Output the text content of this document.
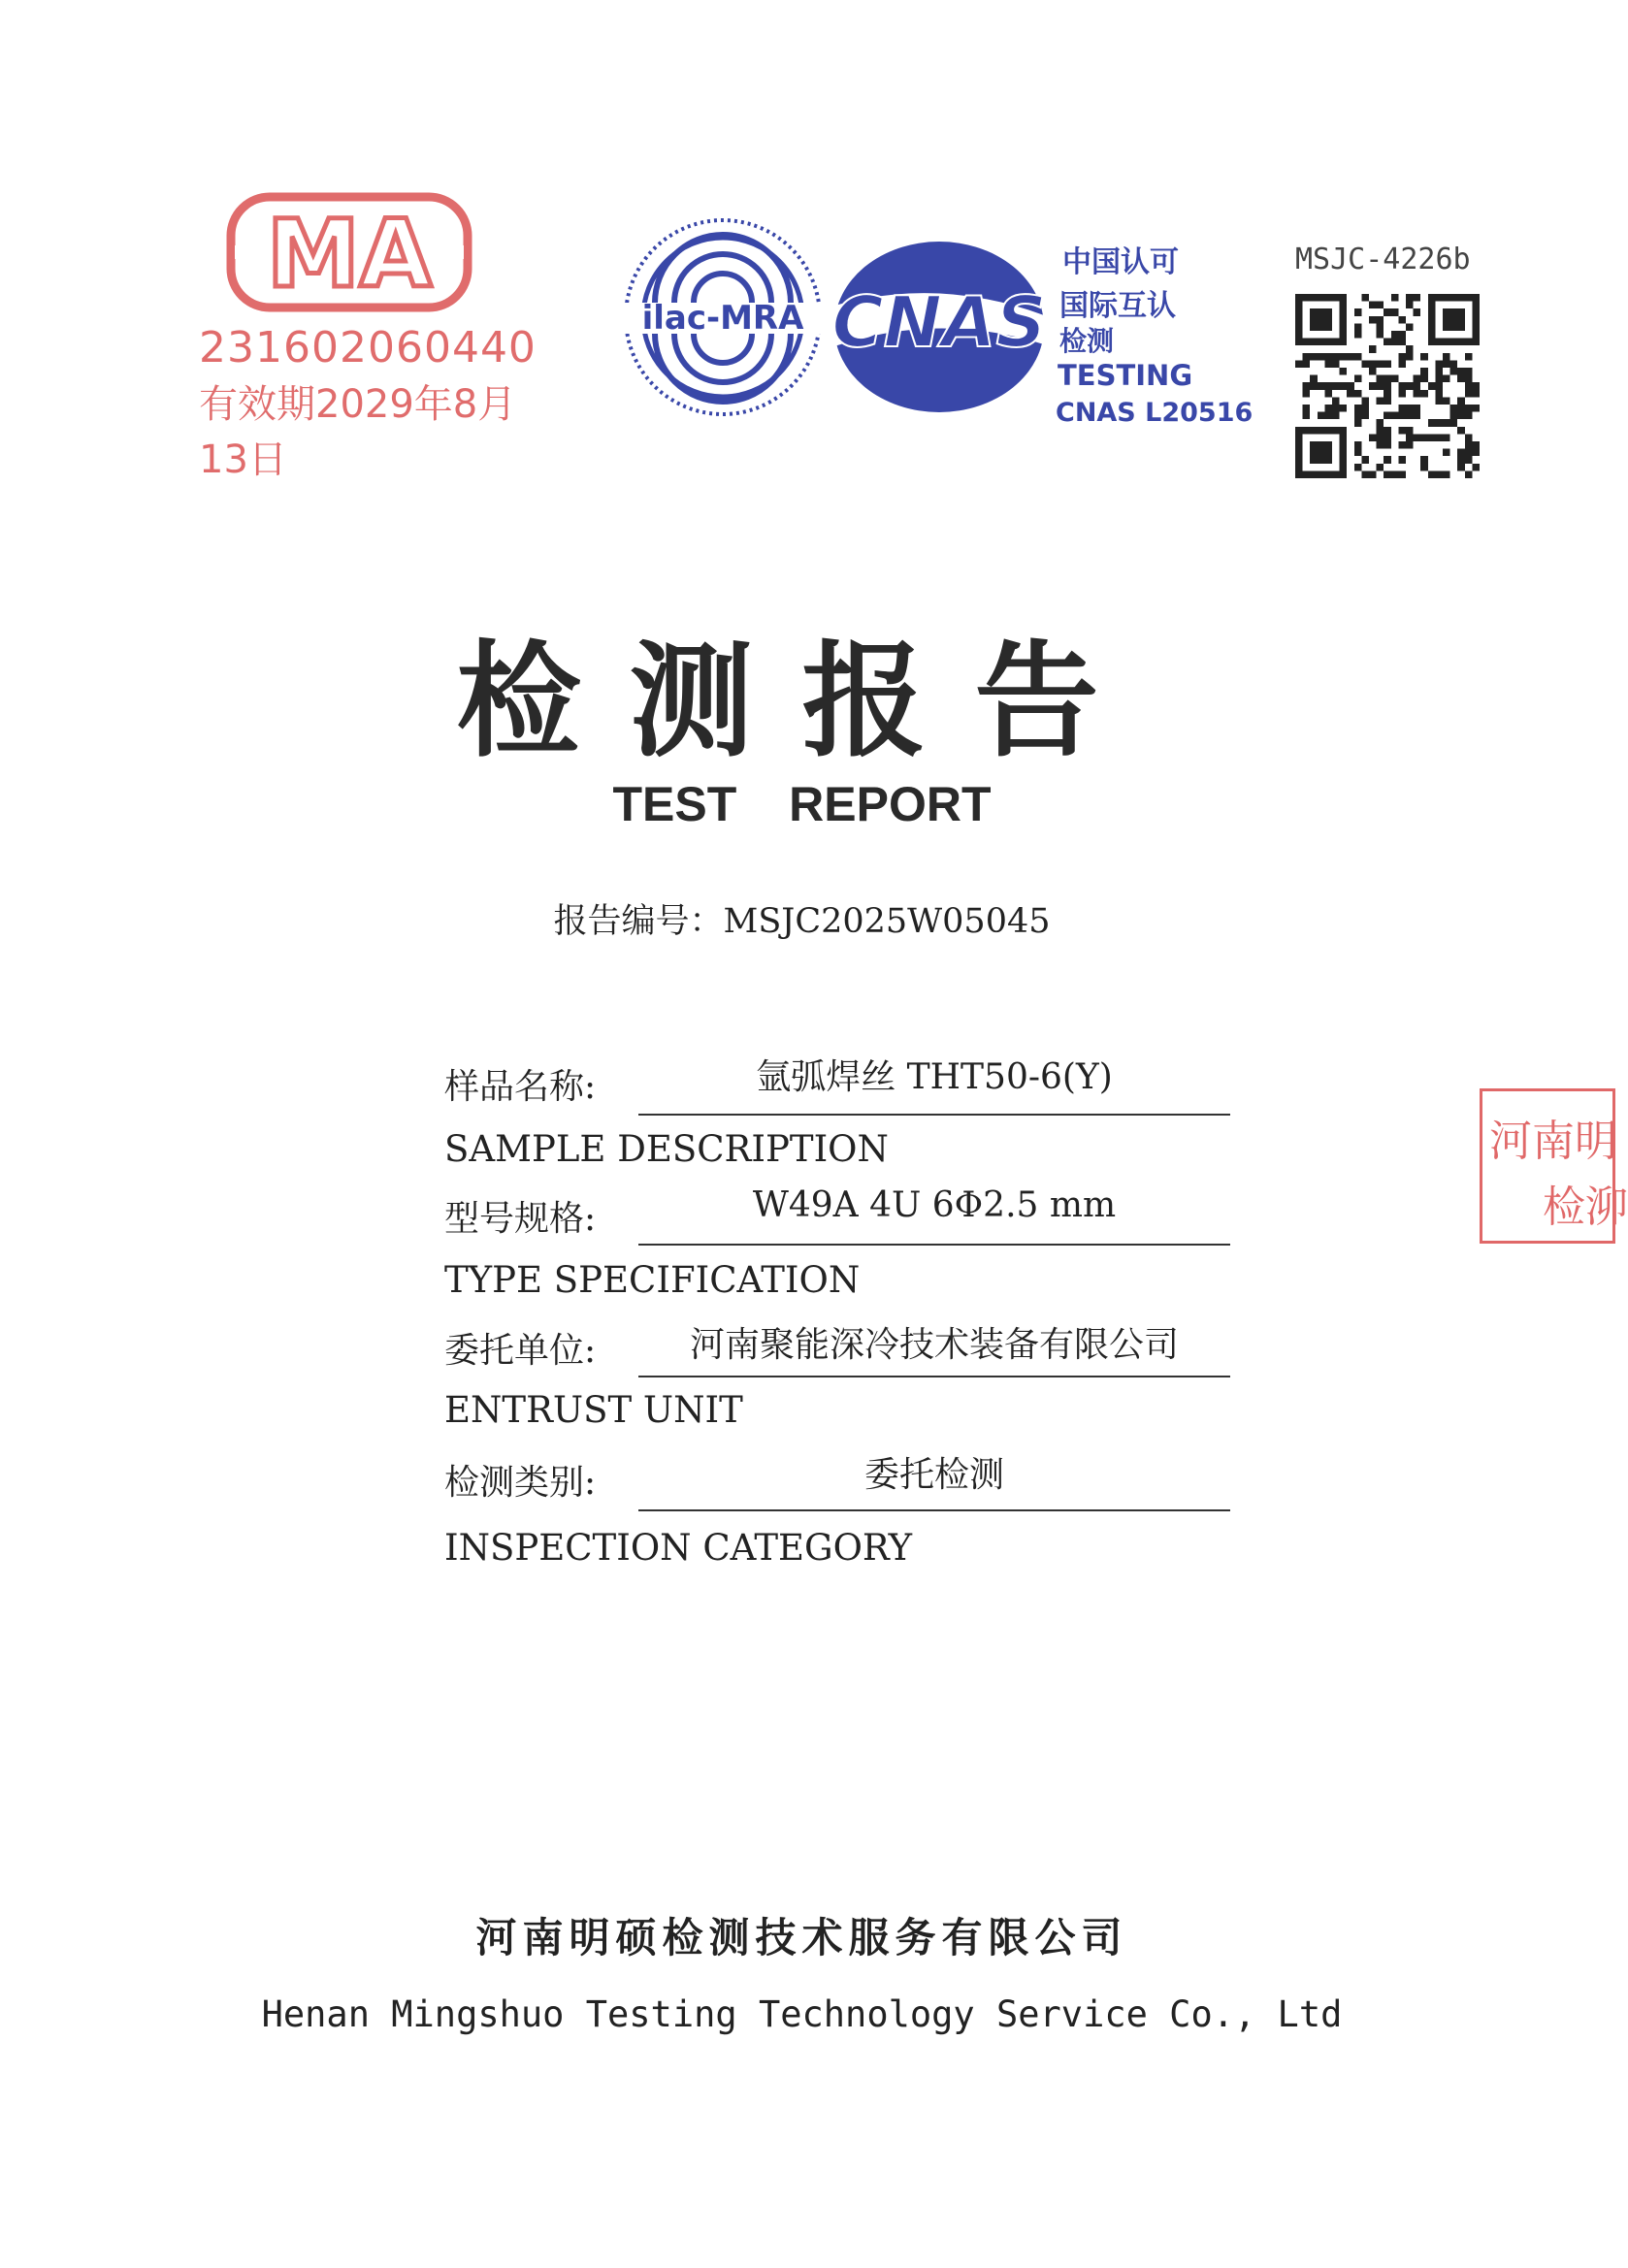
MA
231602060440
有效期2029年8月13日
ilac-MRA CNAS
中国认可
国际互认
检测
TESTING
CNAS L20516
MSJC-4226b
检测报告
TEST REPORT
报告编号：MSJC2025W05045
样品名称:	氩弧焊丝 THT50-6(Y)
SAMPLE DESCRIPTION
型号规格:	W49A 4U 6Φ2.5 mm
TYPE SPECIFICATION
委托单位:	河南聚能深冷技术装备有限公司
ENTRUST UNIT
检测类别:	委托检测
INSPECTION CATEGORY
河南明
检泖
河南明硕检测技术服务有限公司
Henan Mingshuo Testing Technology Service Co., Ltd
